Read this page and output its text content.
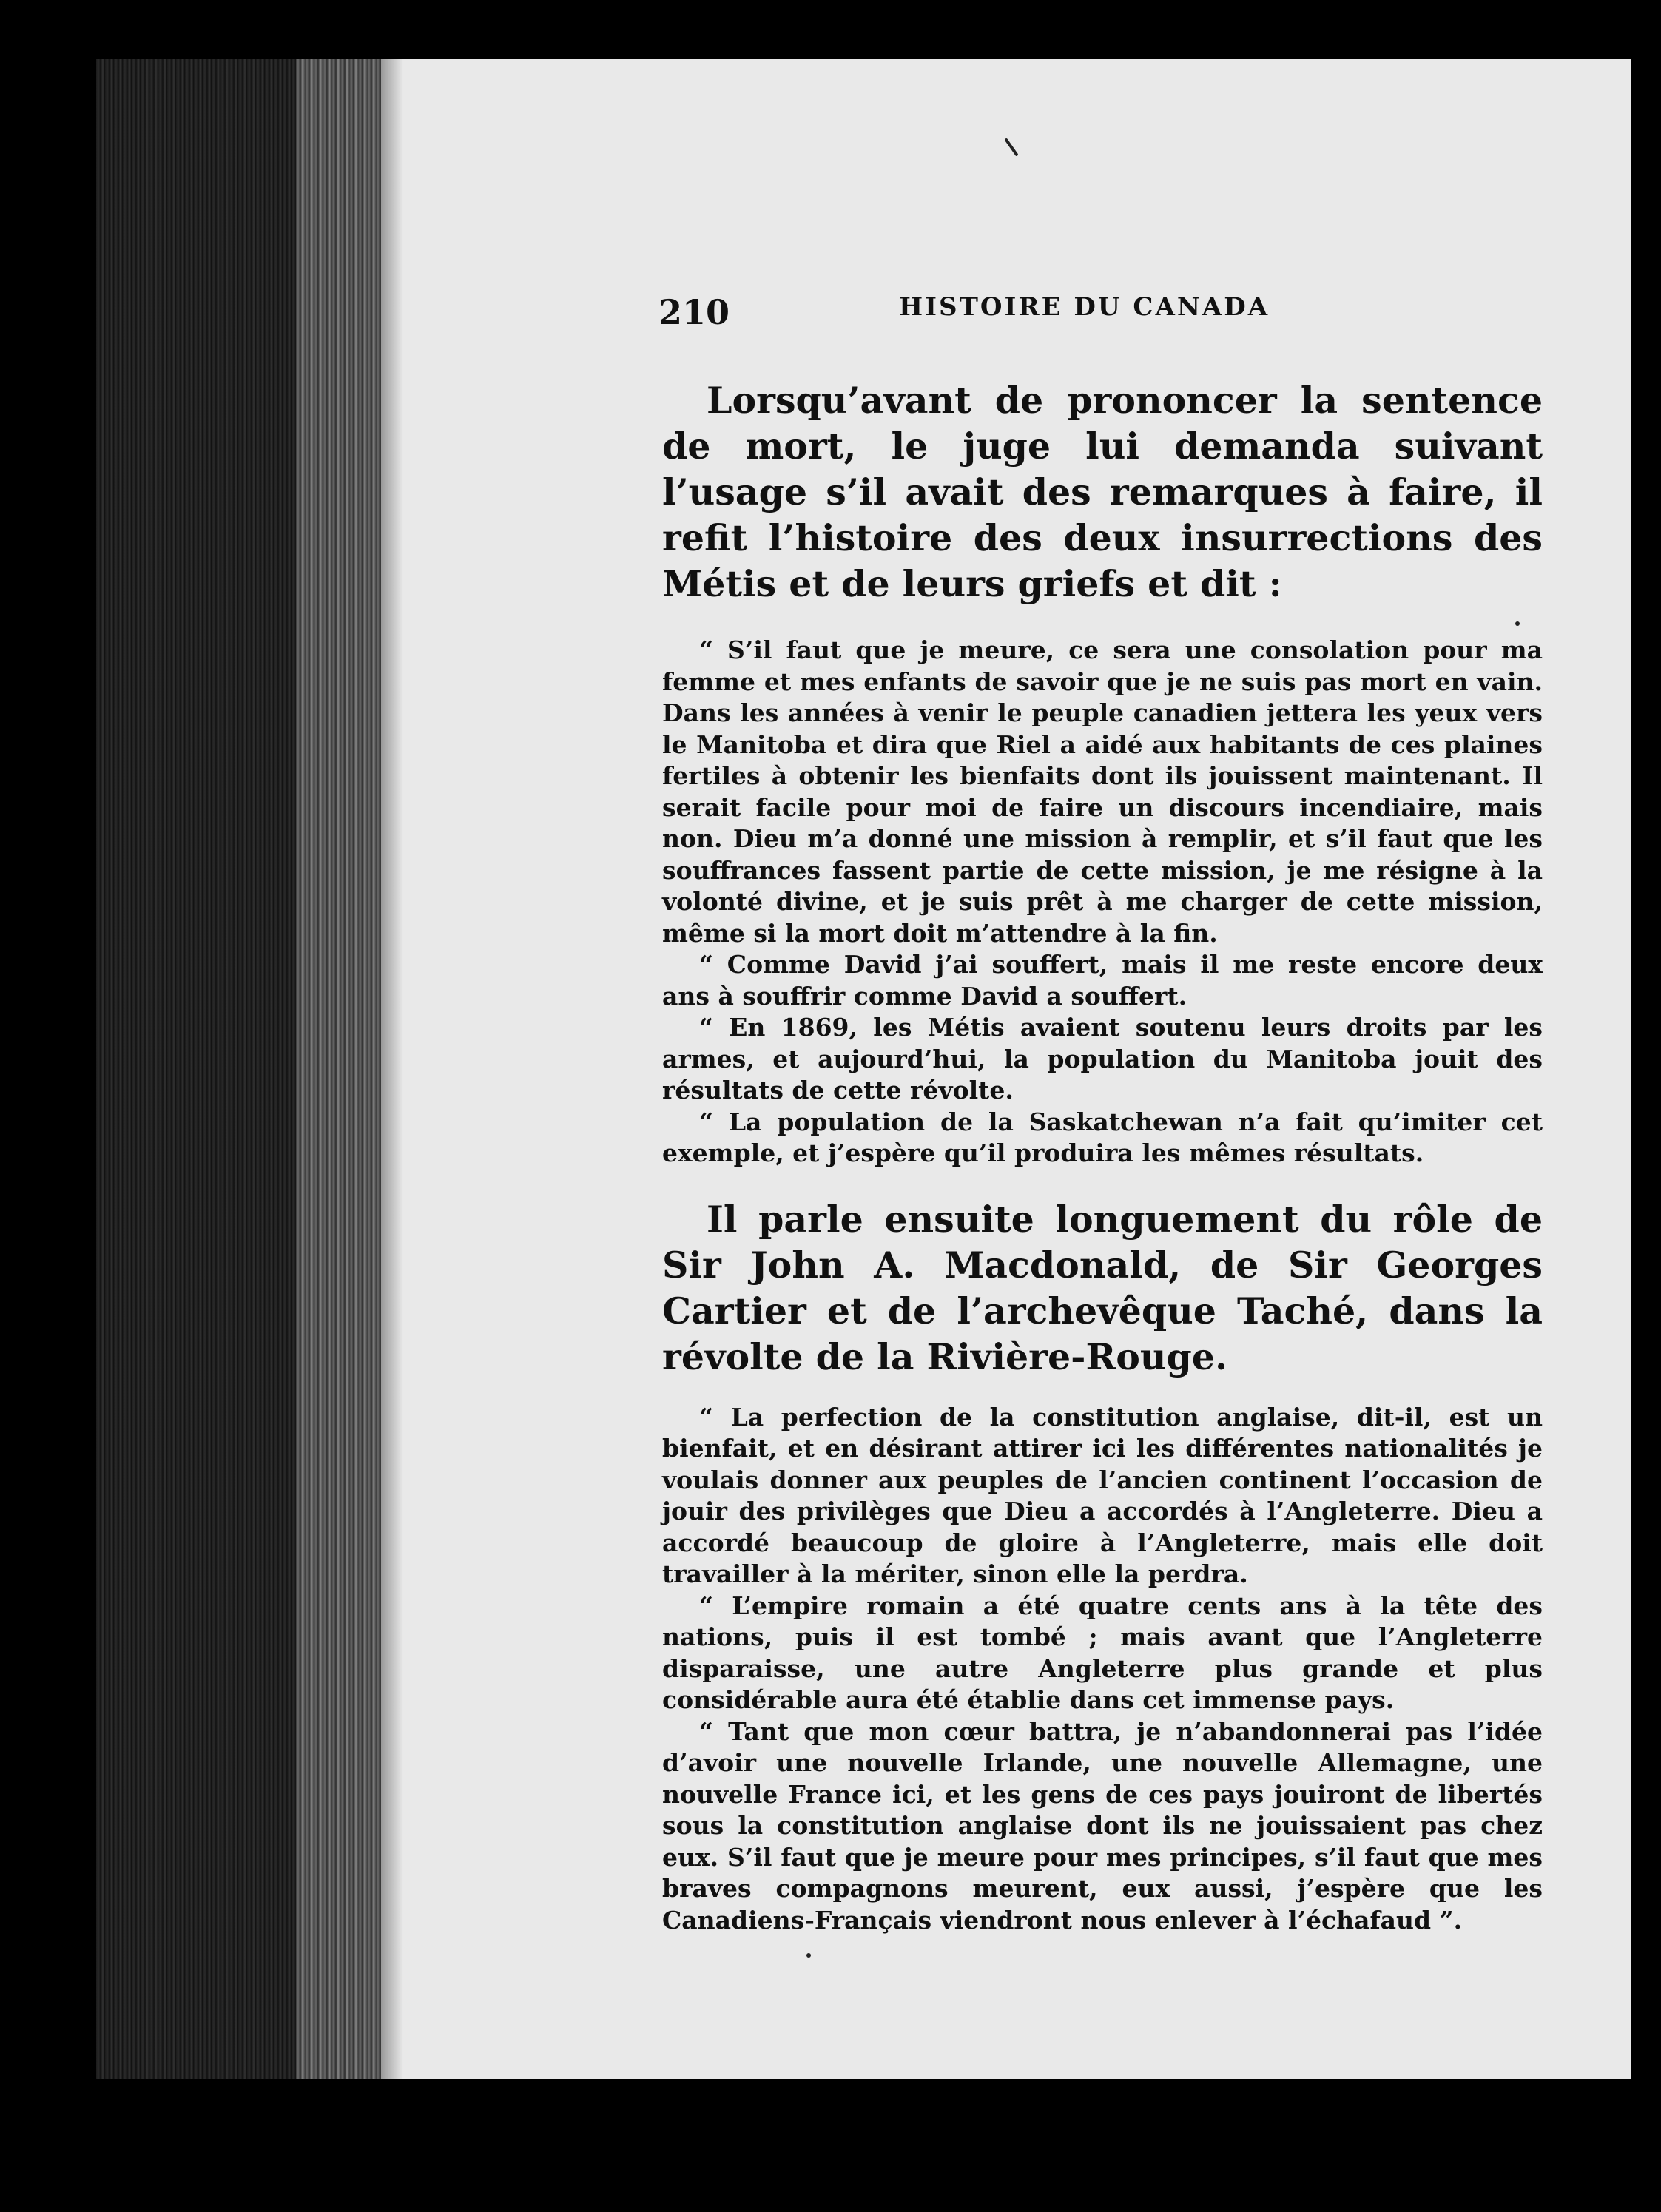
210	HISTOIRE DU CANADA

Lorsqu’avant de prononcer la sentence de mort, le juge lui demanda suivant l’usage s’il avait des remarques à faire, il refit l’histoire des deux insurrections des Métis et de leurs griefs et dit :

“ S’il faut que je meure, ce sera une consolation pour ma femme et mes enfants de savoir que je ne suis pas mort en vain. Dans les années à venir le peuple canadien jettera les yeux vers le Manitoba et dira que Riel a aidé aux habitants de ces plaines fertiles à obtenir les bienfaits dont ils jouissent maintenant. Il serait facile pour moi de faire un discours incendiaire, mais non. Dieu m’a donné une mission à remplir, et s’il faut que les souffrances fassent partie de cette mission, je me résigne à la volonté divine, et je suis prêt à me charger de cette mission, même si la mort doit m’attendre à la fin.

“ Comme David j’ai souffert, mais il me reste encore deux ans à souffrir comme David a souffert.

“ En 1869, les Métis avaient soutenu leurs droits par les armes, et aujourd’hui, la population du Manitoba jouit des résultats de cette révolte.

“ La population de la Saskatchewan n’a fait qu’imiter cet exemple, et j’espère qu’il produira les mêmes résultats.

Il parle ensuite longuement du rôle de Sir John A. Macdonald, de Sir Georges Cartier et de l’archevêque Taché, dans la révolte de la Rivière-Rouge.

“ La perfection de la constitution anglaise, dit-il, est un bienfait, et en désirant attirer ici les différentes nationalités je voulais donner aux peuples de l’ancien continent l’occasion de jouir des privilèges que Dieu a accordés à l’Angleterre. Dieu a accordé beaucoup de gloire à l’Angleterre, mais elle doit travailler à la mériter, sinon elle la perdra.

“ L’empire romain a été quatre cents ans à la tête des nations, puis il est tombé ; mais avant que l’Angleterre disparaisse, une autre Angleterre plus grande et plus considérable aura été établie dans cet immense pays.

“ Tant que mon cœur battra, je n’abandonnerai pas l’idée d’avoir une nouvelle Irlande, une nouvelle Allemagne, une nouvelle France ici, et les gens de ces pays jouiront de libertés sous la constitution anglaise dont ils ne jouissaient pas chez eux. S’il faut que je meure pour mes principes, s’il faut que mes braves compagnons meurent, eux aussi, j’espère que les Canadiens-Français viendront nous enlever à l’échafaud ”.
